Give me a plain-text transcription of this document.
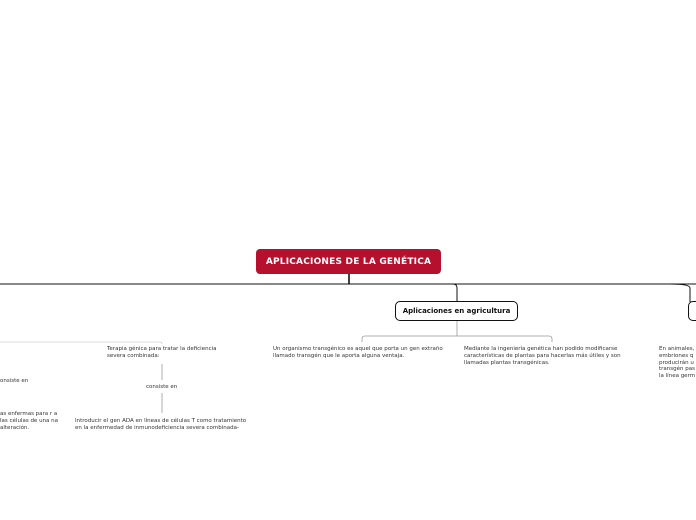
APLICACIONES DE LA GENÉTICA
Aplicaciones en agricultura
Un organismo transgénico es aquel que porta un gen extraño llamado transgén que le aporta alguna ventaja.
Mediante la ingeniería genética han podido modificarse características de plantas para hacerlas más útiles y son llamadas plantas transgénicas.
Terapia génica para tratar la deficiencia severa combinada:
consiste en
Introducir el gen ADA en líneas de células T como tratamiento en la enfermedad de inmunodeficiencia severa combinada-
onsiste en
as enfermas para r a las células de una na alteración.
En animales, embriones q producirán u transgén pas la línea germ
